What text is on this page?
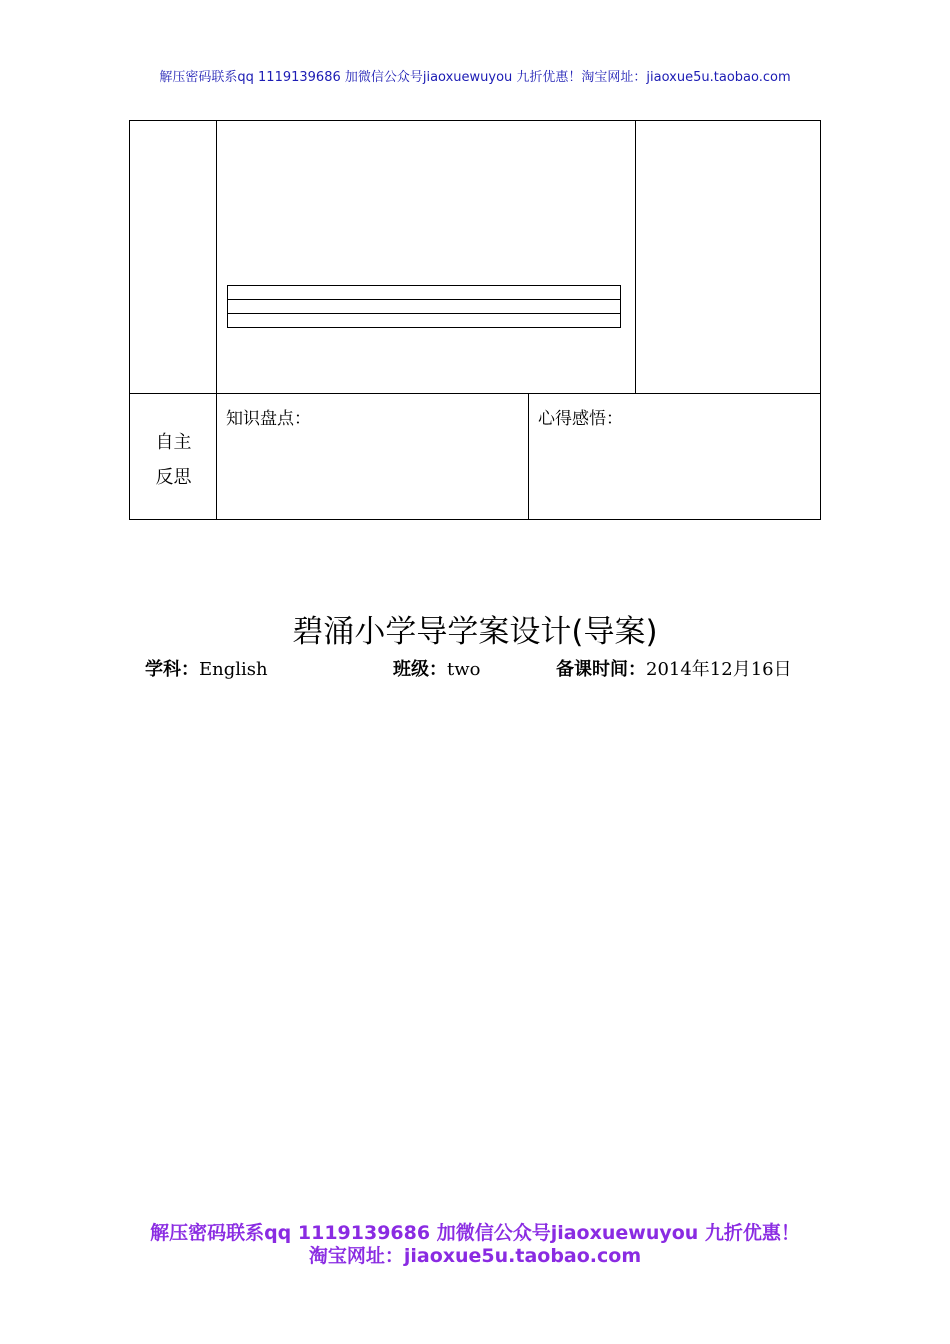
解压密码联系qq 1119139686 加微信公众号jiaoxuewuyou 九折优惠！淘宝网址：jiaoxue5u.taobao.com
自主
反思
知识盘点：	心得感悟：
碧涌小学导学案设计(导案)
学科：English	班级：two	备课时间：2014年12月16日
解压密码联系qq 1119139686 加微信公众号jiaoxuewuyou 九折优惠！
淘宝网址：jiaoxue5u.taobao.com
